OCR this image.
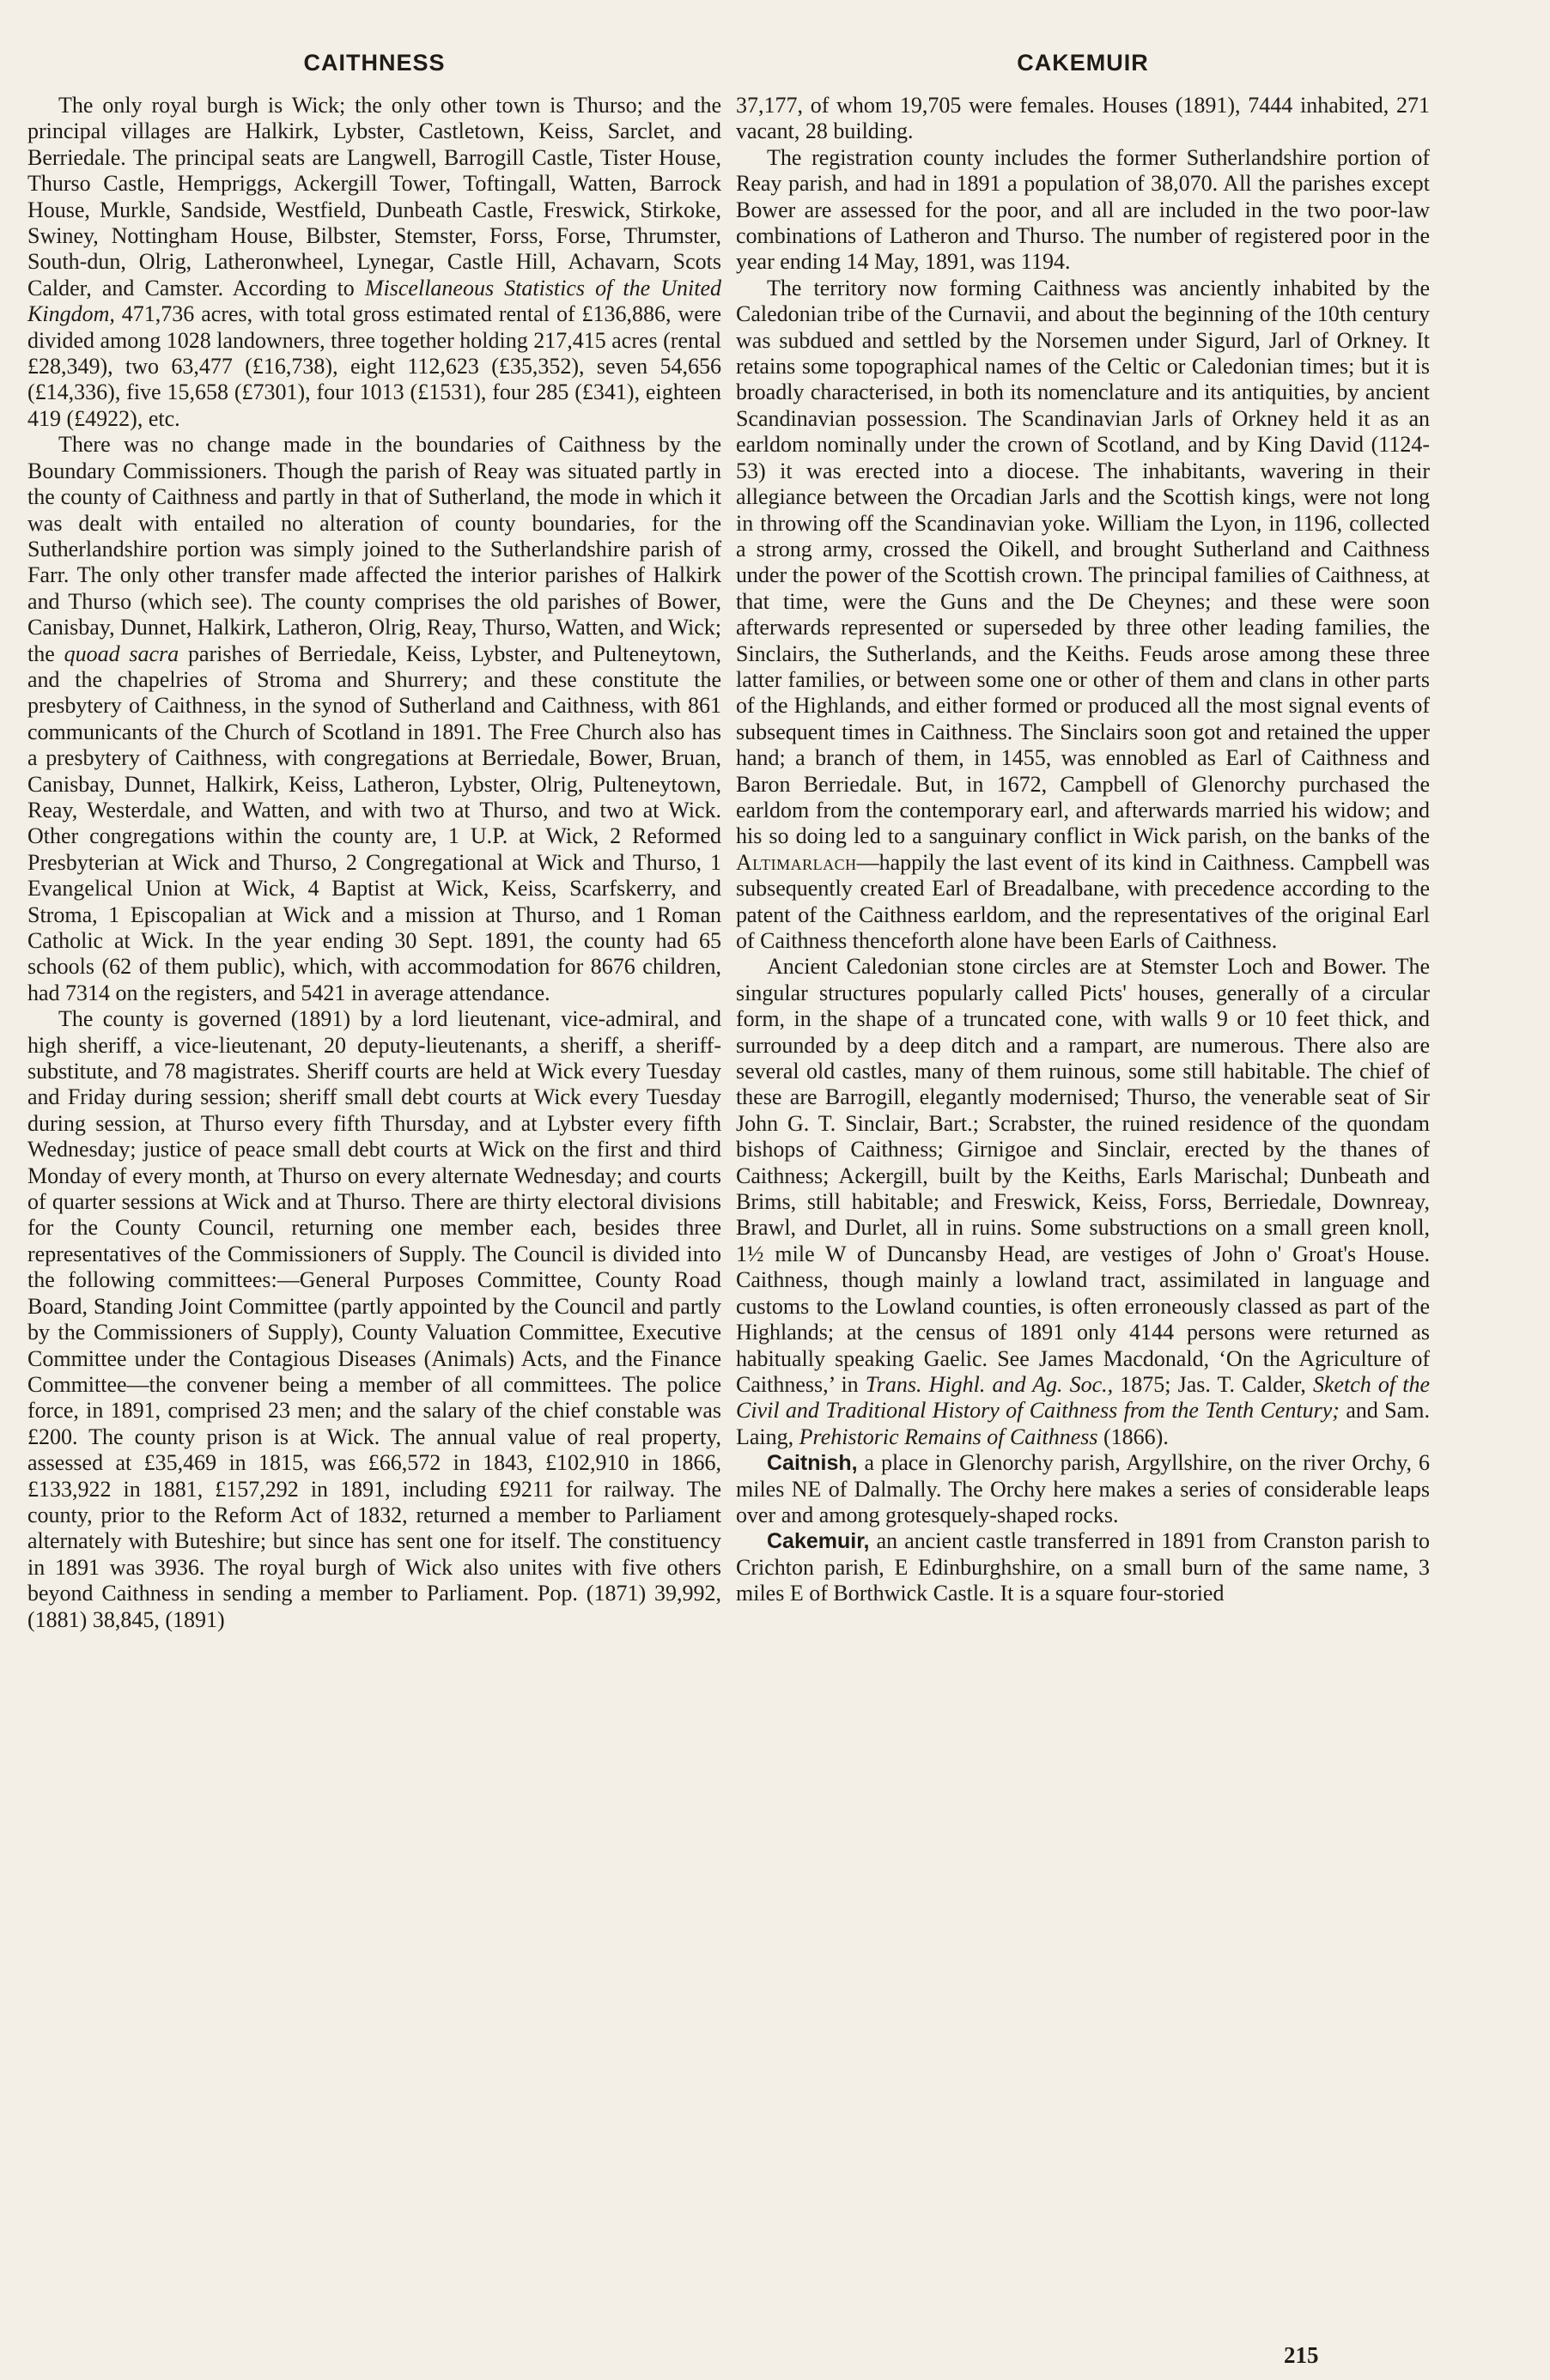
CAITHNESS	CAKEMUIR

The only royal burgh is Wick; the only other town is Thurso; and the principal villages are Halkirk, Lybster, Castletown, Keiss, Sarclet, and Berriedale. The principal seats are Langwell, Barrogill Castle, Tister House, Thurso Castle, Hempriggs, Ackergill Tower, Toftingall, Watten, Barrock House, Murkle, Sandside, Westfield, Dunbeath Castle, Freswick, Stirkoke, Swiney, Nottingham House, Bilbster, Stemster, Forss, Forse, Thrumster, South-dun, Olrig, Latheronwheel, Lynegar, Castle Hill, Achavarn, Scots Calder, and Camster. According to Miscellaneous Statistics of the United Kingdom, 471,736 acres, with total gross estimated rental of £136,886, were divided among 1028 landowners, three together holding 217,415 acres (rental £28,349), two 63,477 (£16,738), eight 112,623 (£35,352), seven 54,656 (£14,336), five 15,658 (£7301), four 1013 (£1531), four 285 (£341), eighteen 419 (£4922), etc.

There was no change made in the boundaries of Caithness by the Boundary Commissioners. Though the parish of Reay was situated partly in the county of Caithness and partly in that of Sutherland, the mode in which it was dealt with entailed no alteration of county boundaries, for the Sutherlandshire portion was simply joined to the Sutherlandshire parish of Farr. The only other transfer made affected the interior parishes of Halkirk and Thurso (which see). The county comprises the old parishes of Bower, Canisbay, Dunnet, Halkirk, Latheron, Olrig, Reay, Thurso, Watten, and Wick; the quoad sacra parishes of Berriedale, Keiss, Lybster, and Pulteneytown, and the chapelries of Stroma and Shurrery; and these constitute the presbytery of Caithness, in the synod of Sutherland and Caithness, with 861 communicants of the Church of Scotland in 1891. The Free Church also has a presbytery of Caithness, with congregations at Berriedale, Bower, Bruan, Canisbay, Dunnet, Halkirk, Keiss, Latheron, Lybster, Olrig, Pulteneytown, Reay, Westerdale, and Watten, and with two at Thurso, and two at Wick. Other congregations within the county are, 1 U.P. at Wick, 2 Reformed Presbyterian at Wick and Thurso, 2 Congregational at Wick and Thurso, 1 Evangelical Union at Wick, 4 Baptist at Wick, Keiss, Scarfskerry, and Stroma, 1 Episcopalian at Wick and a mission at Thurso, and 1 Roman Catholic at Wick. In the year ending 30 Sept. 1891, the county had 65 schools (62 of them public), which, with accommodation for 8676 children, had 7314 on the registers, and 5421 in average attendance.

The county is governed (1891) by a lord lieutenant, vice-admiral, and high sheriff, a vice-lieutenant, 20 deputy-lieutenants, a sheriff, a sheriff-substitute, and 78 magistrates. Sheriff courts are held at Wick every Tuesday and Friday during session; sheriff small debt courts at Wick every Tuesday during session, at Thurso every fifth Thursday, and at Lybster every fifth Wednesday; justice of peace small debt courts at Wick on the first and third Monday of every month, at Thurso on every alternate Wednesday; and courts of quarter sessions at Wick and at Thurso. There are thirty electoral divisions for the County Council, returning one member each, besides three representatives of the Commissioners of Supply. The Council is divided into the following committees:—General Purposes Committee, County Road Board, Standing Joint Committee (partly appointed by the Council and partly by the Commissioners of Supply), County Valuation Committee, Executive Committee under the Contagious Diseases (Animals) Acts, and the Finance Committee—the convener being a member of all committees. The police force, in 1891, comprised 23 men; and the salary of the chief constable was £200. The county prison is at Wick. The annual value of real property, assessed at £35,469 in 1815, was £66,572 in 1843, £102,910 in 1866, £133,922 in 1881, £157,292 in 1891, including £9211 for railway. The county, prior to the Reform Act of 1832, returned a member to Parliament alternately with Buteshire; but since has sent one for itself. The constituency in 1891 was 3936. The royal burgh of Wick also unites with five others beyond Caithness in sending a member to Parliament. Pop. (1871) 39,992, (1881) 38,845, (1891)

37,177, of whom 19,705 were females. Houses (1891), 7444 inhabited, 271 vacant, 28 building.

The registration county includes the former Sutherlandshire portion of Reay parish, and had in 1891 a population of 38,070. All the parishes except Bower are assessed for the poor, and all are included in the two poor-law combinations of Latheron and Thurso. The number of registered poor in the year ending 14 May, 1891, was 1194.

The territory now forming Caithness was anciently inhabited by the Caledonian tribe of the Curnavii, and about the beginning of the 10th century was subdued and settled by the Norsemen under Sigurd, Jarl of Orkney. It retains some topographical names of the Celtic or Caledonian times; but it is broadly characterised, in both its nomenclature and its antiquities, by ancient Scandinavian possession. The Scandinavian Jarls of Orkney held it as an earldom nominally under the crown of Scotland, and by King David (1124-53) it was erected into a diocese. The inhabitants, wavering in their allegiance between the Orcadian Jarls and the Scottish kings, were not long in throwing off the Scandinavian yoke. William the Lyon, in 1196, collected a strong army, crossed the Oikell, and brought Sutherland and Caithness under the power of the Scottish crown. The principal families of Caithness, at that time, were the Guns and the De Cheynes; and these were soon afterwards represented or superseded by three other leading families, the Sinclairs, the Sutherlands, and the Keiths. Feuds arose among these three latter families, or between some one or other of them and clans in other parts of the Highlands, and either formed or produced all the most signal events of subsequent times in Caithness. The Sinclairs soon got and retained the upper hand; a branch of them, in 1455, was ennobled as Earl of Caithness and Baron Berriedale. But, in 1672, Campbell of Glenorchy purchased the earldom from the contemporary earl, and afterwards married his widow; and his so doing led to a sanguinary conflict in Wick parish, on the banks of the Altimarlach—happily the last event of its kind in Caithness. Campbell was subsequently created Earl of Breadalbane, with precedence according to the patent of the Caithness earldom, and the representatives of the original Earl of Caithness thenceforth alone have been Earls of Caithness.

Ancient Caledonian stone circles are at Stemster Loch and Bower. The singular structures popularly called Picts' houses, generally of a circular form, in the shape of a truncated cone, with walls 9 or 10 feet thick, and surrounded by a deep ditch and a rampart, are numerous. There also are several old castles, many of them ruinous, some still habitable. The chief of these are Barrogill, elegantly modernised; Thurso, the venerable seat of Sir John G. T. Sinclair, Bart.; Scrabster, the ruined residence of the quondam bishops of Caithness; Girnigoe and Sinclair, erected by the thanes of Caithness; Ackergill, built by the Keiths, Earls Marischal; Dunbeath and Brims, still habitable; and Freswick, Keiss, Forss, Berriedale, Downreay, Brawl, and Durlet, all in ruins. Some substructions on a small green knoll, 1½ mile W of Duncansby Head, are vestiges of John o' Groat's House. Caithness, though mainly a lowland tract, assimilated in language and customs to the Lowland counties, is often erroneously classed as part of the Highlands; at the census of 1891 only 4144 persons were returned as habitually speaking Gaelic. See James Macdonald, ‘On the Agriculture of Caithness,’ in Trans. Highl. and Ag. Soc., 1875; Jas. T. Calder, Sketch of the Civil and Traditional History of Caithness from the Tenth Century; and Sam. Laing, Prehistoric Remains of Caithness (1866).

Caitnish, a place in Glenorchy parish, Argyllshire, on the river Orchy, 6 miles NE of Dalmally. The Orchy here makes a series of considerable leaps over and among grotesquely-shaped rocks.

Cakemuir, an ancient castle transferred in 1891 from Cranston parish to Crichton parish, E Edinburghshire, on a small burn of the same name, 3 miles E of Borthwick Castle. It is a square four-storied

215
